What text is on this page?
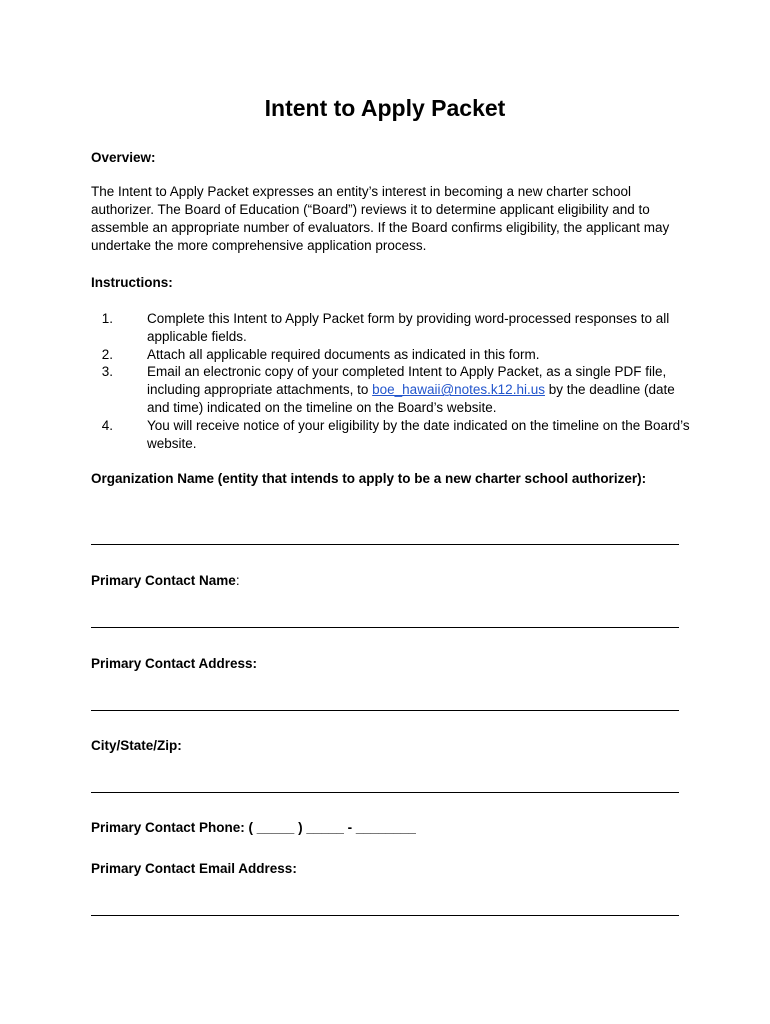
Intent to Apply Packet
Overview:
The Intent to Apply Packet expresses an entity’s interest in becoming a new charter school authorizer. The Board of Education (“Board”) reviews it to determine applicant eligibility and to assemble an appropriate number of evaluators. If the Board confirms eligibility, the applicant may undertake the more comprehensive application process.
Instructions:
1.	Complete this Intent to Apply Packet form by providing word-processed responses to all applicable fields.
2.	Attach all applicable required documents as indicated in this form.
3.	Email an electronic copy of your completed Intent to Apply Packet, as a single PDF file, including appropriate attachments, to boe_hawaii@notes.k12.hi.us by the deadline (date and time) indicated on the timeline on the Board’s website.
4.	You will receive notice of your eligibility by the date indicated on the timeline on the Board’s website.
Organization Name (entity that intends to apply to be a new charter school authorizer):
Primary Contact Name:
Primary Contact Address:
City/State/Zip:
Primary Contact Phone: ( _____ ) _____ - ________
Primary Contact Email Address:
